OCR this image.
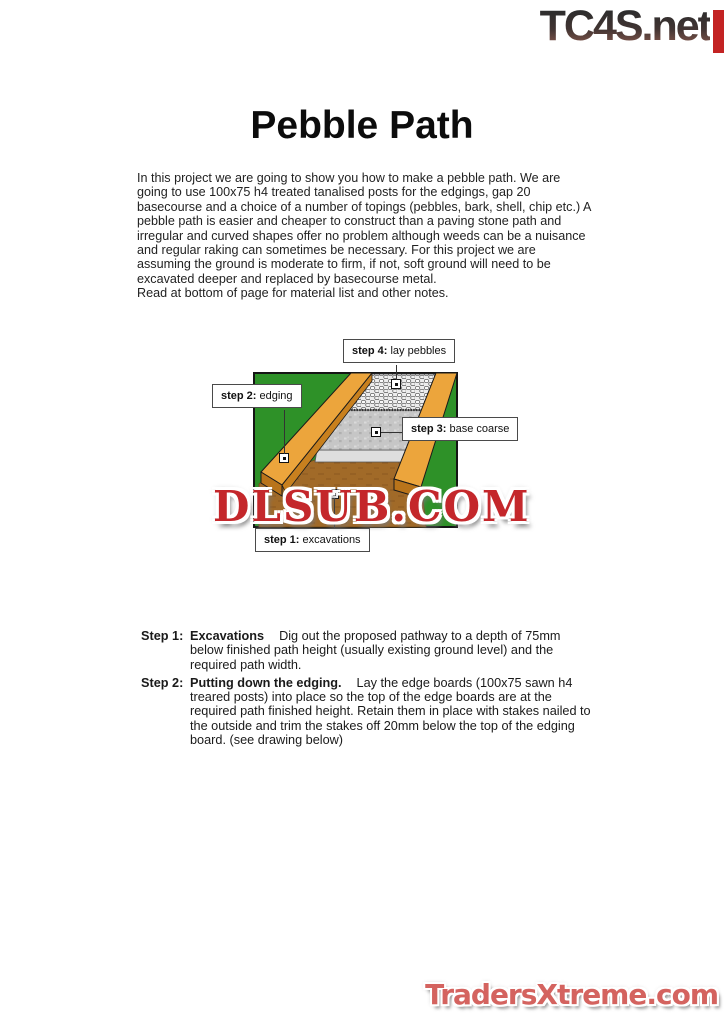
TC4S.net
Pebble Path
In this project we are going to show you how to make a pebble path. We are going to use 100x75 h4 treated tanalised posts for the edgings, gap 20 basecourse and a choice of a number of topings (pebbles, bark, shell, chip etc.) A pebble path is easier and cheaper to construct than a paving stone path and irregular and curved shapes offer no problem although weeds can be a nuisance and regular raking can sometimes be necessary. For this project we are assuming the ground is moderate to firm, if not, soft ground will need to be excavated deeper and replaced by basecourse metal.
Read at bottom of page for material list and other notes.
step 4: lay pebbles
step 2: edging
step 3: base coarse
step 1: excavations
DLSUB.COM
Step 1: Excavations Dig out the proposed pathway to a depth of 75mm below finished path height (usually existing ground level) and the required path width.
Step 2: Putting down the edging. Lay the edge boards (100x75 sawn h4 treared posts) into place so the top of the edge boards are at the required path finished height. Retain them in place with stakes nailed to the outside and trim the stakes off 20mm below the top of the edging board. (see drawing below)
TradersXtreme.com
